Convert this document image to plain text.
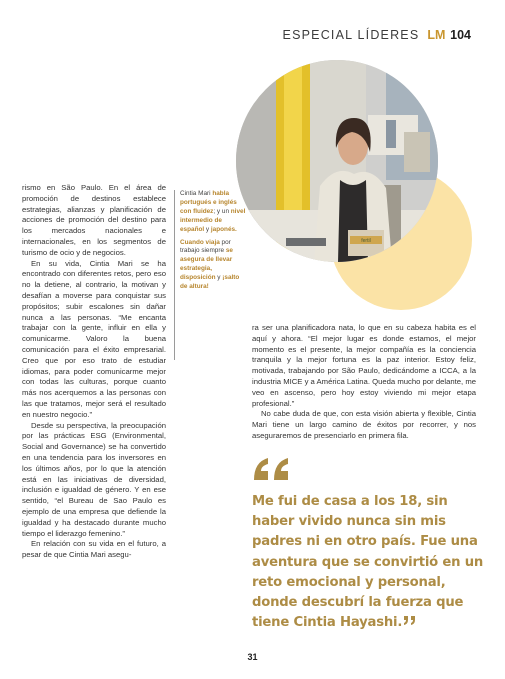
ESPECIAL LÍDERES LM 104
fertil

rismo en São Paulo. En el área de promoción de destinos establece estrategias, alianzas y planificación de acciones de promoción del destino para los mercados nacionales e internacionales, en los segmentos de turismo de ocio y de negocios.

En su vida, Cintia Mari se ha encontrado con diferentes retos, pero eso no la detiene, al contrario, la motivan y desafían a moverse para conquistar sus propósitos; subir escalones sin dañar nunca a las personas. “Me encanta trabajar con la gente, influir en ella y comunicarme. Valoro la buena comunicación para el éxito empresarial. Creo que por eso trato de estudiar idiomas, para poder comunicarme mejor con todas las culturas, porque cuanto más nos acerquemos a las personas con las que tratamos, mejor será el resultado en nuestro negocio.”

Desde su perspectiva, la preocupación por las prácticas ESG (Environmental, Social and Governance) se ha convertido en una tendencia para los inversores en los últimos años, por lo que la atención está en las iniciativas de diversidad, inclusión e igualdad de género. Y en ese sentido, “el Bureau de Sao Paulo es ejemplo de una empresa que defiende la igualdad y ha destacado durante mucho tiempo el liderazgo femenino.”

En relación con su vida en el futuro, a pesar de que Cintia Mari asegu-

Cintia Mari habla portugués e inglés con fluidez; y un nivel intermedio de español y japonés.

Cuando viaja por trabajo siempre se asegura de llevar estrategia, disposición y ¡salto de altura!

ra ser una planificadora nata, lo que en su cabeza habita es el aquí y ahora. “El mejor lugar es donde estamos, el mejor momento es el presente, la mejor compañía es la conciencia tranquila y la mejor fortuna es la paz interior. Estoy feliz, motivada, trabajando por São Paulo, dedicándome a ICCA, a la industria MICE y a América Latina. Queda mucho por delante, me veo en ascenso, pero hoy estoy viviendo mi mejor etapa profesional.”

No cabe duda de que, con esta visión abierta y flexible, Cintia Mari tiene un largo camino de éxitos por recorrer, y nos aseguraremos de presenciarlo en primera fila.

Me fui de casa a los 18, sin haber vivido nunca sin mis padres ni en otro país. Fue una aventura que se convirtió en un reto emocional y personal, donde descubrí la fuerza que tiene Cintia Hayashi.
31
